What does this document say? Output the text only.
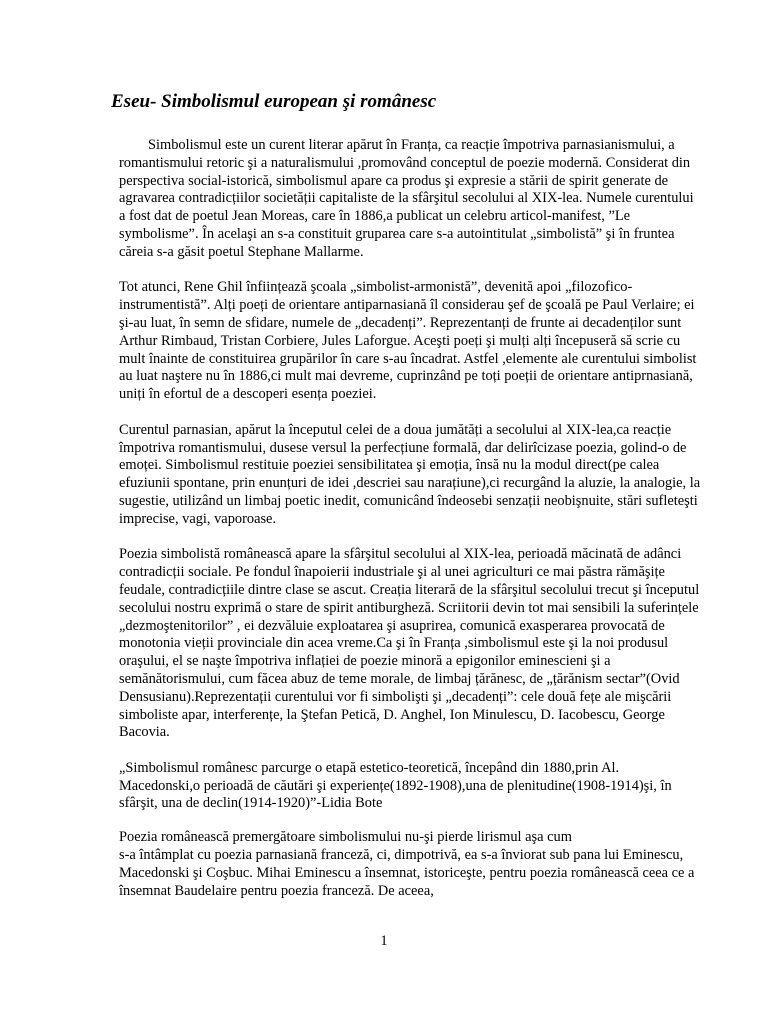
Eseu- Simbolismul european şi românesc

Simbolismul este un curent literar apărut în Franța, ca reacție împotriva parnasianismului, a
romantismului retoric şi a naturalismului ,promovând conceptul de poezie modernă. Considerat din
perspectiva social-istorică, simbolismul apare ca produs şi expresie a stării de spirit generate de
agravarea contradicțiilor societății capitaliste de la sfârşitul secolului al XIX-lea. Numele curentului
a fost dat de poetul Jean Moreas, care în 1886,a publicat un celebru articol-manifest, ”Le
symbolisme”. În acelaşi an s-a constituit gruparea care s-a autointitulat „simbolistă” şi în fruntea
căreia s-a găsit poetul Stephane Mallarme.

Tot atunci, Rene Ghil înființează şcoala „simbolist-armonistă”, devenită apoi „filozofico-
instrumentistă”. Alți poeți de orientare antiparnasiană îl considerau şef de şcoală pe Paul Verlaire; ei
şi-au luat, în semn de sfidare, numele de „decadenți”. Reprezentanți de frunte ai decadenților sunt
Arthur Rimbaud, Tristan Corbiere, Jules Laforgue. Aceşti poeți şi mulți alți începuseră să scrie cu
mult înainte de constituirea grupărilor în care s-au încadrat. Astfel ,elemente ale curentului simbolist
au luat naştere nu în 1886,ci mult mai devreme, cuprinzând pe toți poeții de orientare antiprnasiană,
uniți în efortul de a descoperi esența poeziei.

Curentul parnasian, apărut la începutul celei de a doua jumătăți a secolului al XIX-lea,ca reacție
împotriva romantismului, dusese versul la perfecțiune formală, dar delirîcizase poezia, golind-o de
emoței. Simbolismul restituie poeziei sensibilitatea şi emoția, însă nu la modul direct(pe calea
efuziunii spontane, prin enunțuri de idei ,descriei sau narațiune),ci recurgând la aluzie, la analogie, la
sugestie, utilizând un limbaj poetic inedit, comunicând îndeosebi senzații neobişnuite, stări sufleteşti
imprecise, vagi, vaporoase.

Poezia simbolistă românească apare la sfârşitul secolului al XIX-lea, perioadă măcinată de adânci
contradicții sociale. Pe fondul înapoierii industriale şi al unei agriculturi ce mai păstra rămăşițe
feudale, contradicțiile dintre clase se ascut. Creația literară de la sfârşitul secolului trecut şi începutul
secolului nostru exprimă o stare de spirit antiburgheză. Scriitorii devin tot mai sensibili la suferințele
„dezmoştenitorilor” , ei dezvăluie exploatarea şi asuprirea, comunică exasperarea provocată de
monotonia vieții provinciale din acea vreme.Ca şi în Franța ,simbolismul este şi la noi produsul
oraşului, el se naşte împotriva inflației de poezie minoră a epigonilor eminescieni şi a
semănătorismului, cum făcea abuz de teme morale, de limbaj țărănesc, de „țărănism sectar”(Ovid
Densusianu).Reprezentații curentului vor fi simbolişti şi „decadenți”: cele două fețe ale mişcării
simboliste apar, interferențe, la Ştefan Petică, D. Anghel, Ion Minulescu, D. Iacobescu, George
Bacovia.

„Simbolismul românesc parcurge o etapă estetico-teoretică, începând din 1880,prin Al.
Macedonski,o perioadă de căutări şi experiențe(1892-1908),una de plenitudine(1908-1914)şi, în
sfârşit, una de declin(1914-1920)”-Lidia Bote

Poezia românească premergătoare simbolismului nu-şi pierde lirismul aşa cum
s-a întâmplat cu poezia parnasiană franceză, ci, dimpotrivă, ea s-a înviorat sub pana lui Eminescu,
Macedonski şi Coşbuc. Mihai Eminescu a însemnat, istoriceşte, pentru poezia românească ceea ce a
însemnat Baudelaire pentru poezia franceză. De aceea,

1
